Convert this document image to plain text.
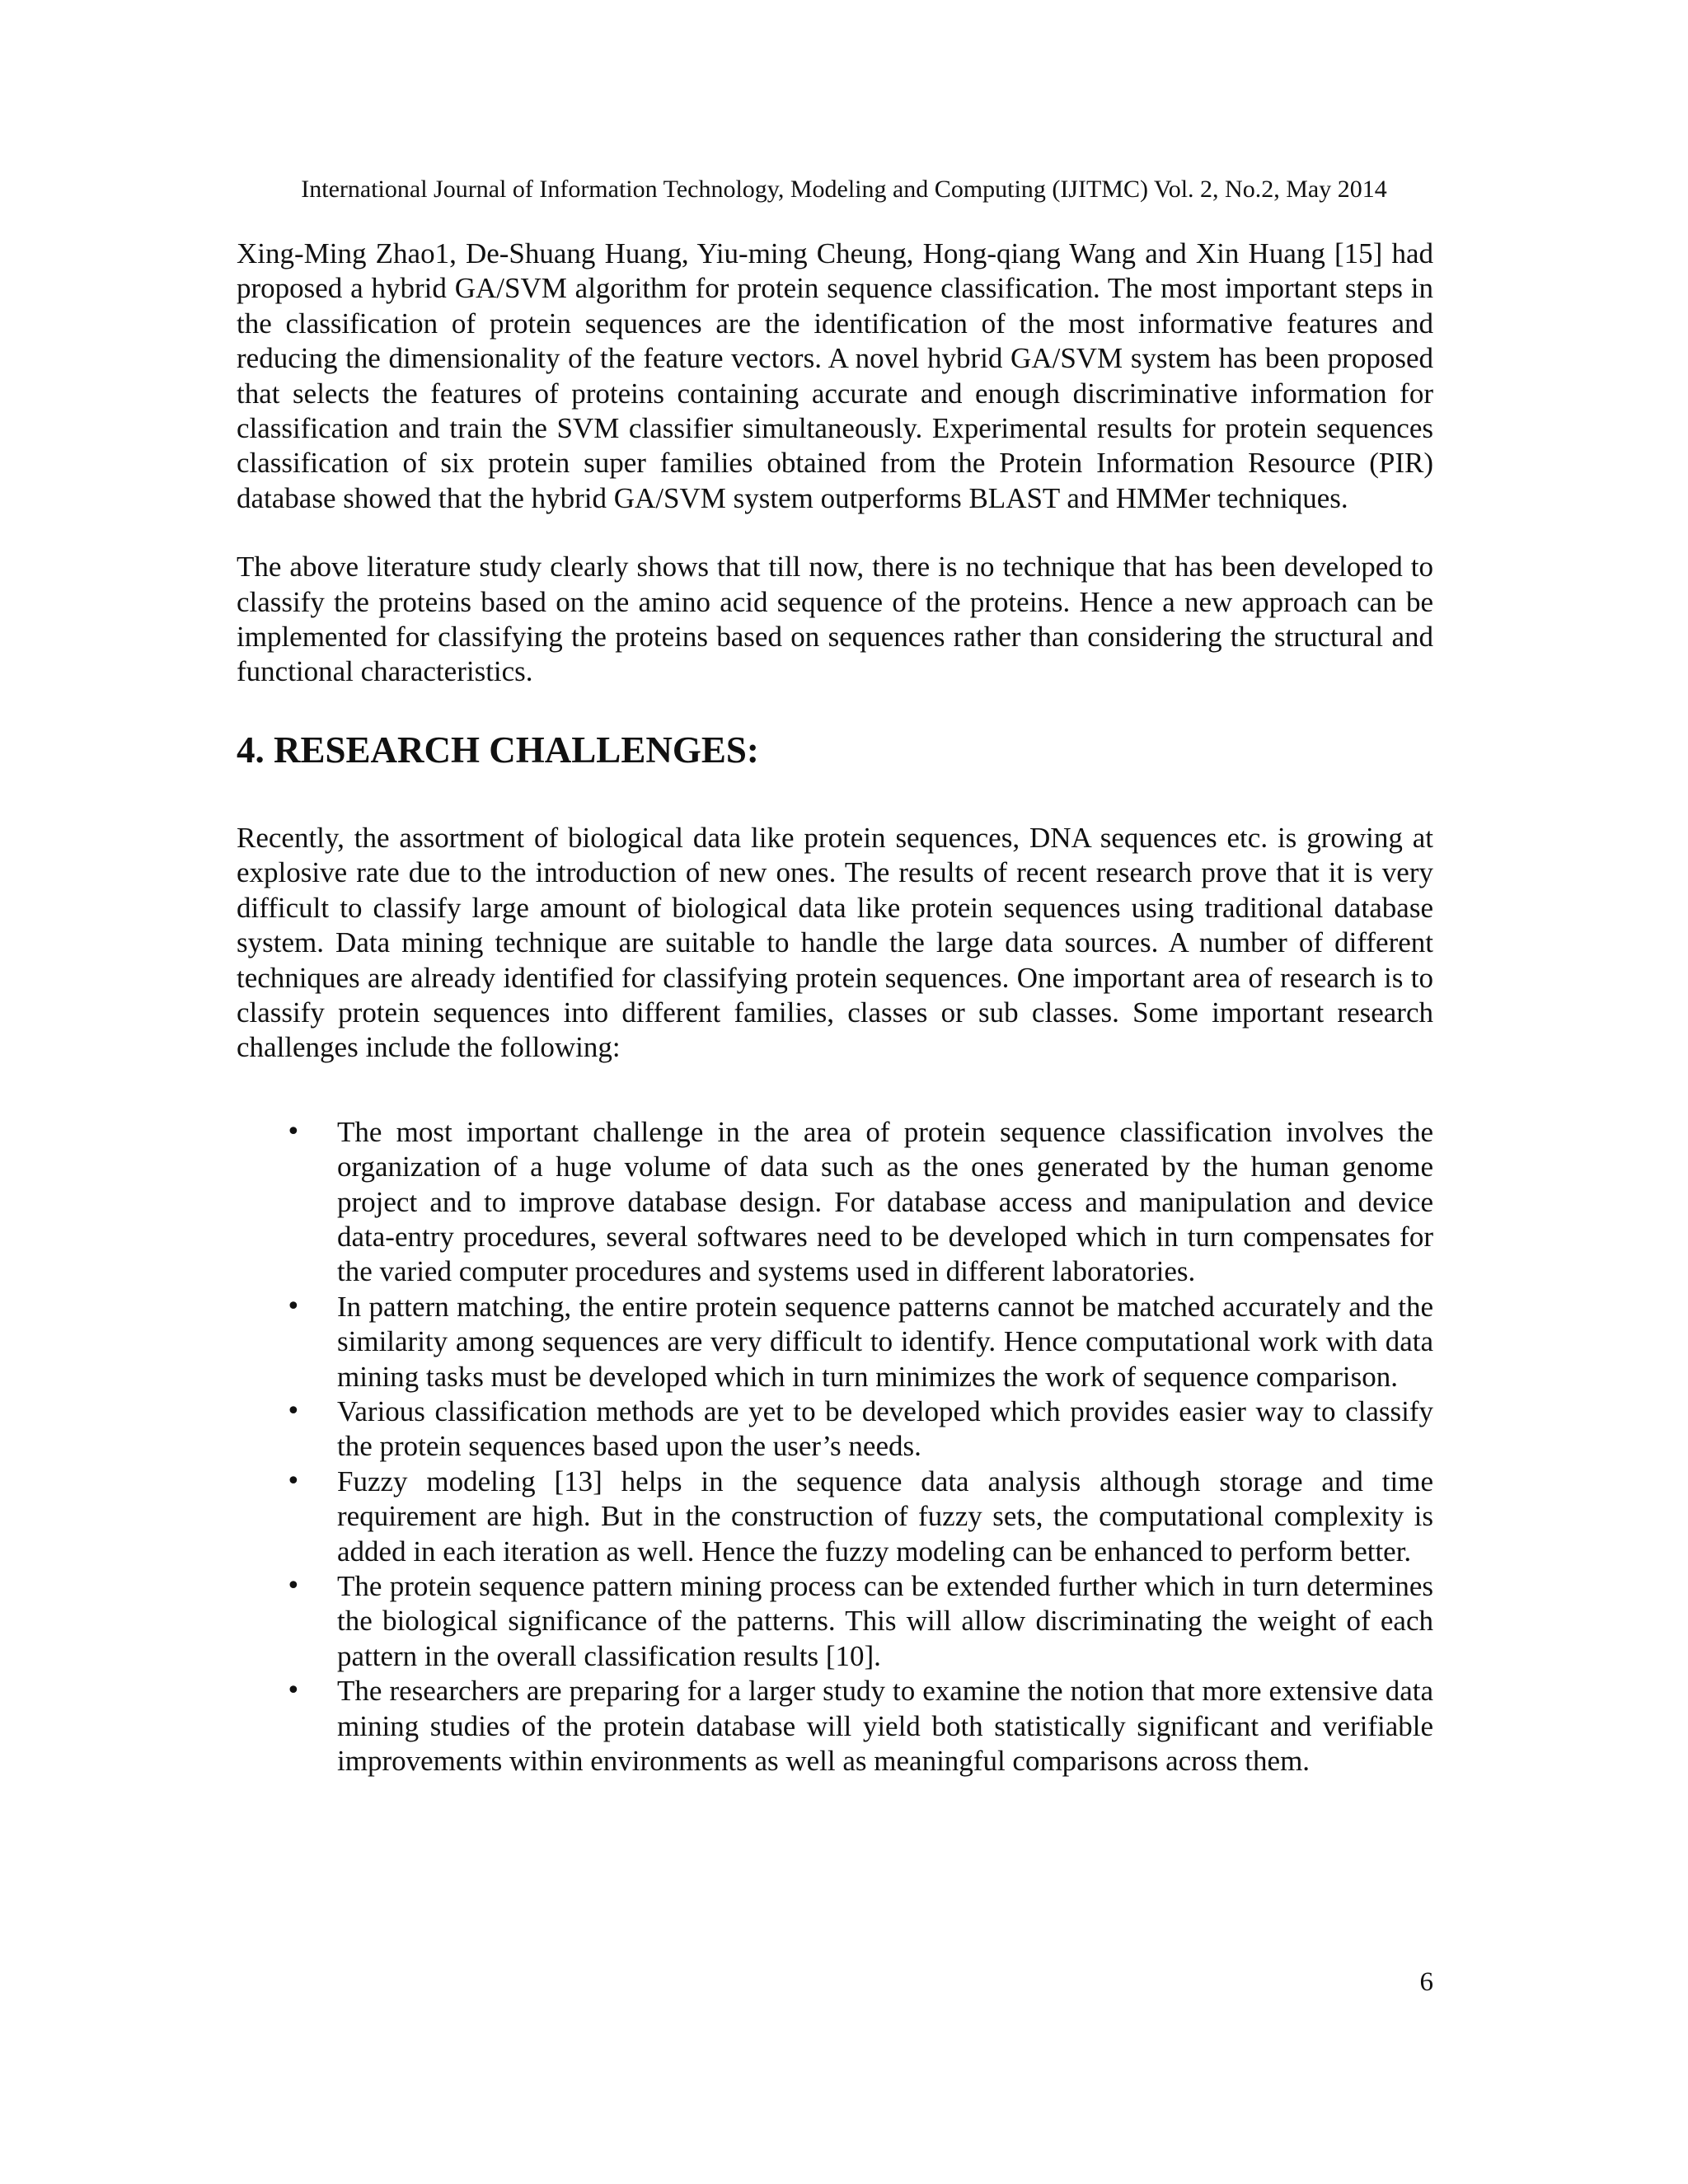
International Journal of Information Technology, Modeling and Computing (IJITMC) Vol. 2, No.2, May 2014

Xing-Ming Zhao1, De-Shuang Huang, Yiu-ming Cheung, Hong-qiang Wang and Xin Huang [15] had proposed a hybrid GA/SVM algorithm for protein sequence classification. The most important steps in the classification of protein sequences are the identification of the most informative features and reducing the dimensionality of the feature vectors. A novel hybrid GA/SVM system has been proposed that selects the features of proteins containing accurate and enough discriminative information for classification and train the SVM classifier simultaneously. Experimental results for protein sequences classification of six protein super families obtained from the Protein Information Resource (PIR) database showed that the hybrid GA/SVM system outperforms BLAST and HMMer techniques.

The above literature study clearly shows that till now, there is no technique that has been developed to classify the proteins based on the amino acid sequence of the proteins. Hence a new approach can be implemented for classifying the proteins based on sequences rather than considering the structural and functional characteristics.

4. RESEARCH CHALLENGES:

Recently, the assortment of biological data like protein sequences, DNA sequences etc. is growing at explosive rate due to the introduction of new ones. The results of recent research prove that it is very difficult to classify large amount of biological data like protein sequences using traditional database system. Data mining technique are suitable to handle the large data sources. A number of different techniques are already identified for classifying protein sequences. One important area of research is to classify protein sequences into different families, classes or sub classes. Some important research challenges include the following:

•	The most important challenge in the area of protein sequence classification involves the organization of a huge volume of data such as the ones generated by the human genome project and to improve database design. For database access and manipulation and device data-entry procedures, several softwares need to be developed which in turn compensates for the varied computer procedures and systems used in different laboratories.
•	In pattern matching, the entire protein sequence patterns cannot be matched accurately and the similarity among sequences are very difficult to identify. Hence computational work with data mining tasks must be developed which in turn minimizes the work of sequence comparison.
•	Various classification methods are yet to be developed which provides easier way to classify the protein sequences based upon the user’s needs.
•	Fuzzy modeling [13] helps in the sequence data analysis although storage and time requirement are high. But in the construction of fuzzy sets, the computational complexity is added in each iteration as well. Hence the fuzzy modeling can be enhanced to perform better.
•	The protein sequence pattern mining process can be extended further which in turn determines the biological significance of the patterns. This will allow discriminating the weight of each pattern in the overall classification results [10].
•	The researchers are preparing for a larger study to examine the notion that more extensive data mining studies of the protein database will yield both statistically significant and verifiable improvements within environments as well as meaningful comparisons across them.
6
